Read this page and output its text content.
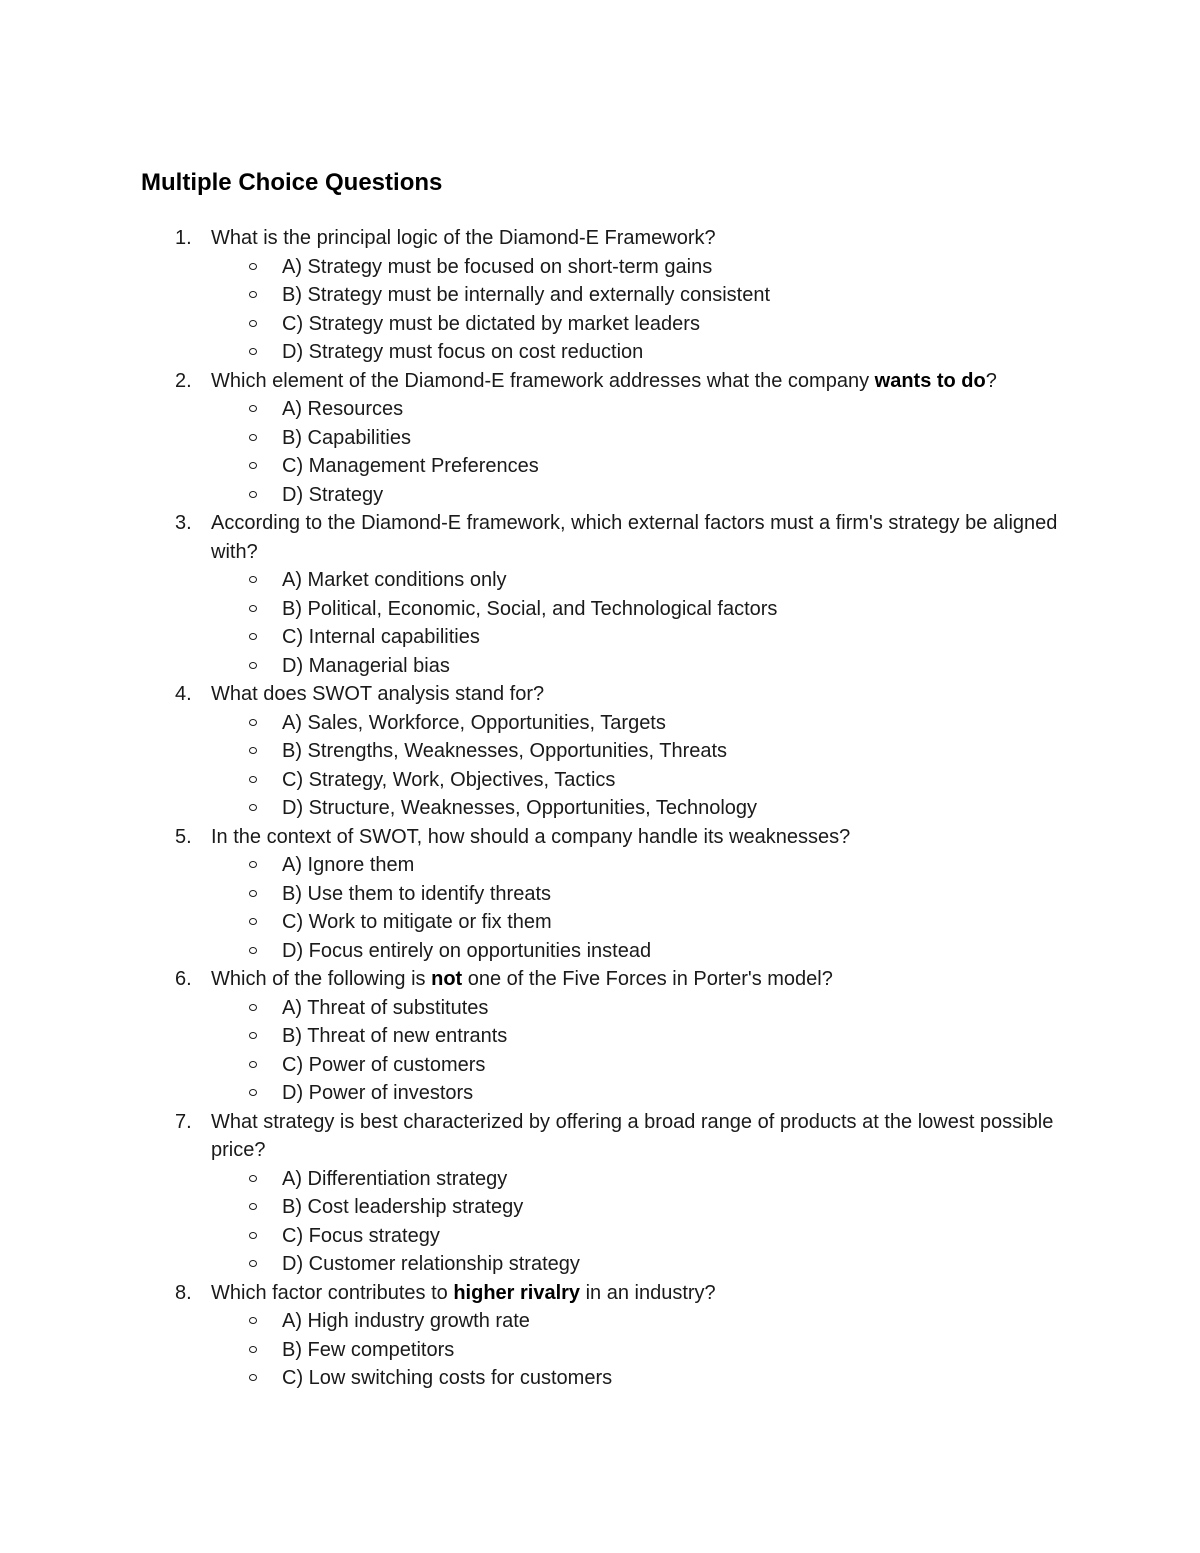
Multiple Choice Questions
1. What is the principal logic of the Diamond-E Framework?
A) Strategy must be focused on short-term gains
B) Strategy must be internally and externally consistent
C) Strategy must be dictated by market leaders
D) Strategy must focus on cost reduction
2. Which element of the Diamond-E framework addresses what the company wants to do?
A) Resources
B) Capabilities
C) Management Preferences
D) Strategy
3. According to the Diamond-E framework, which external factors must a firm's strategy be aligned with?
A) Market conditions only
B) Political, Economic, Social, and Technological factors
C) Internal capabilities
D) Managerial bias
4. What does SWOT analysis stand for?
A) Sales, Workforce, Opportunities, Targets
B) Strengths, Weaknesses, Opportunities, Threats
C) Strategy, Work, Objectives, Tactics
D) Structure, Weaknesses, Opportunities, Technology
5. In the context of SWOT, how should a company handle its weaknesses?
A) Ignore them
B) Use them to identify threats
C) Work to mitigate or fix them
D) Focus entirely on opportunities instead
6. Which of the following is not one of the Five Forces in Porter's model?
A) Threat of substitutes
B) Threat of new entrants
C) Power of customers
D) Power of investors
7. What strategy is best characterized by offering a broad range of products at the lowest possible price?
A) Differentiation strategy
B) Cost leadership strategy
C) Focus strategy
D) Customer relationship strategy
8. Which factor contributes to higher rivalry in an industry?
A) High industry growth rate
B) Few competitors
C) Low switching costs for customers
